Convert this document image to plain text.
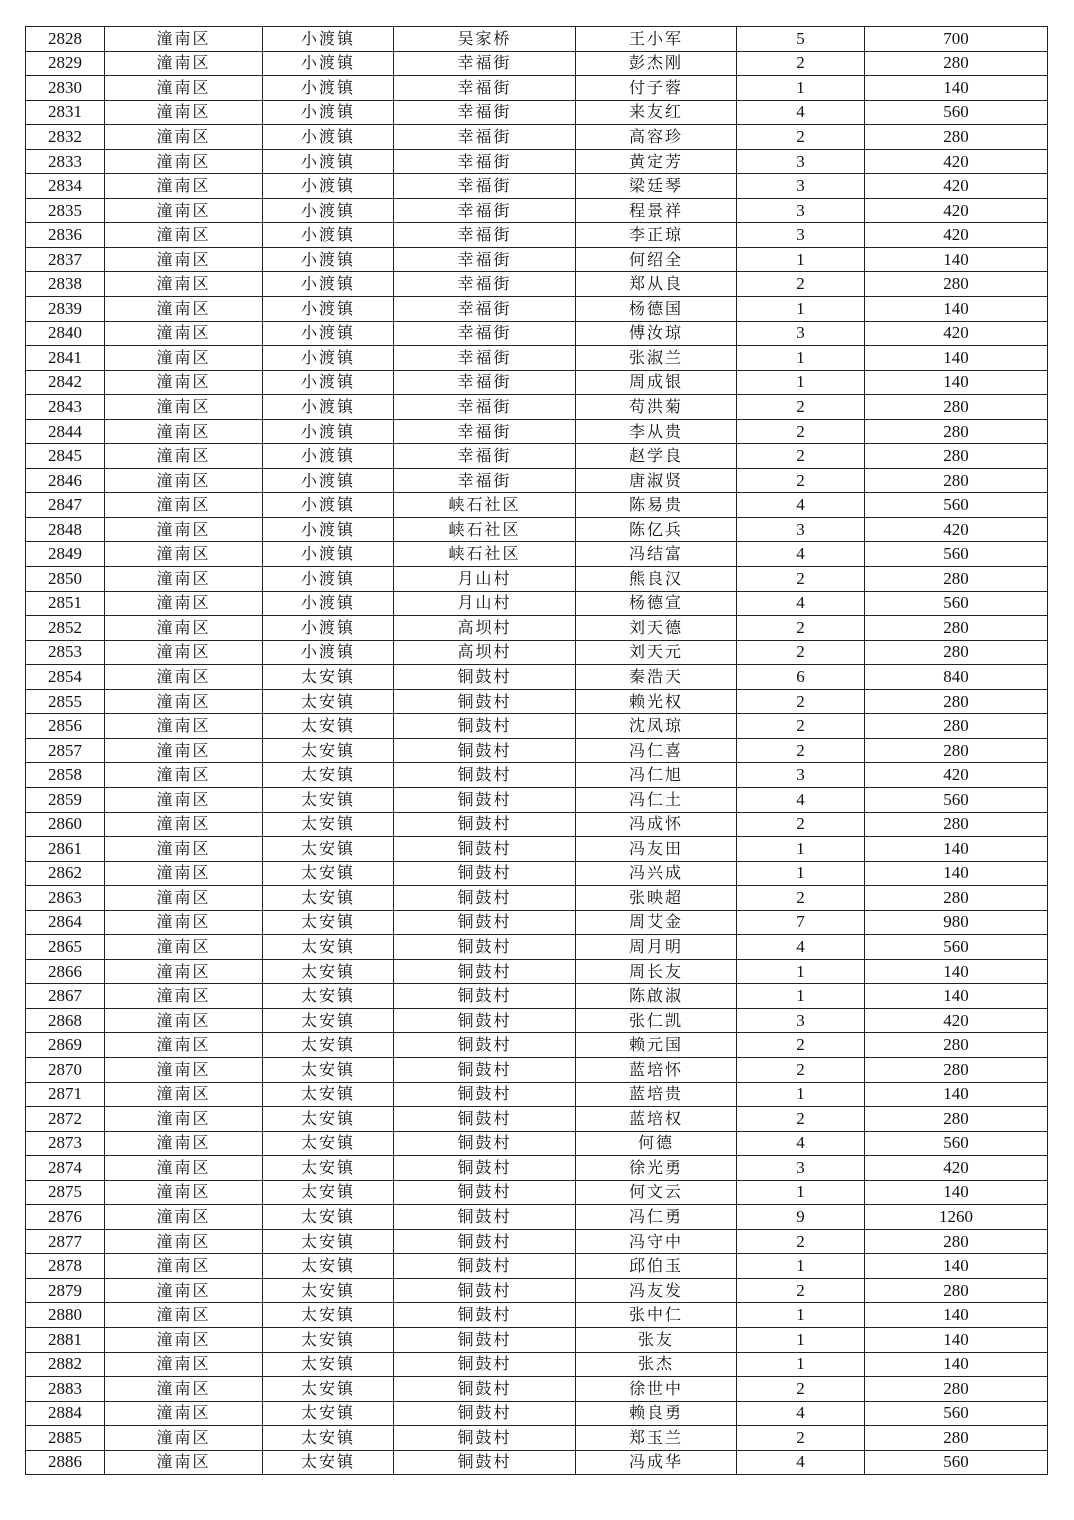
2828	潼南区	小渡镇	吴家桥	王小军	5	700
2829	潼南区	小渡镇	幸福街	彭杰刚	2	280
2830	潼南区	小渡镇	幸福街	付子蓉	1	140
2831	潼南区	小渡镇	幸福街	来友红	4	560
2832	潼南区	小渡镇	幸福街	高容珍	2	280
2833	潼南区	小渡镇	幸福街	黄定芳	3	420
2834	潼南区	小渡镇	幸福街	梁廷琴	3	420
2835	潼南区	小渡镇	幸福街	程景祥	3	420
2836	潼南区	小渡镇	幸福街	李正琼	3	420
2837	潼南区	小渡镇	幸福街	何绍全	1	140
2838	潼南区	小渡镇	幸福街	郑从良	2	280
2839	潼南区	小渡镇	幸福街	杨德国	1	140
2840	潼南区	小渡镇	幸福街	傅汝琼	3	420
2841	潼南区	小渡镇	幸福街	张淑兰	1	140
2842	潼南区	小渡镇	幸福街	周成银	1	140
2843	潼南区	小渡镇	幸福街	苟洪菊	2	280
2844	潼南区	小渡镇	幸福街	李从贵	2	280
2845	潼南区	小渡镇	幸福街	赵学良	2	280
2846	潼南区	小渡镇	幸福街	唐淑贤	2	280
2847	潼南区	小渡镇	峡石社区	陈易贵	4	560
2848	潼南区	小渡镇	峡石社区	陈亿兵	3	420
2849	潼南区	小渡镇	峡石社区	冯结富	4	560
2850	潼南区	小渡镇	月山村	熊良汉	2	280
2851	潼南区	小渡镇	月山村	杨德宣	4	560
2852	潼南区	小渡镇	高坝村	刘天德	2	280
2853	潼南区	小渡镇	高坝村	刘天元	2	280
2854	潼南区	太安镇	铜鼓村	秦浩天	6	840
2855	潼南区	太安镇	铜鼓村	赖光权	2	280
2856	潼南区	太安镇	铜鼓村	沈凤琼	2	280
2857	潼南区	太安镇	铜鼓村	冯仁喜	2	280
2858	潼南区	太安镇	铜鼓村	冯仁旭	3	420
2859	潼南区	太安镇	铜鼓村	冯仁土	4	560
2860	潼南区	太安镇	铜鼓村	冯成怀	2	280
2861	潼南区	太安镇	铜鼓村	冯友田	1	140
2862	潼南区	太安镇	铜鼓村	冯兴成	1	140
2863	潼南区	太安镇	铜鼓村	张映超	2	280
2864	潼南区	太安镇	铜鼓村	周艾金	7	980
2865	潼南区	太安镇	铜鼓村	周月明	4	560
2866	潼南区	太安镇	铜鼓村	周长友	1	140
2867	潼南区	太安镇	铜鼓村	陈啟淑	1	140
2868	潼南区	太安镇	铜鼓村	张仁凯	3	420
2869	潼南区	太安镇	铜鼓村	赖元国	2	280
2870	潼南区	太安镇	铜鼓村	蓝培怀	2	280
2871	潼南区	太安镇	铜鼓村	蓝培贵	1	140
2872	潼南区	太安镇	铜鼓村	蓝培权	2	280
2873	潼南区	太安镇	铜鼓村	何德	4	560
2874	潼南区	太安镇	铜鼓村	徐光勇	3	420
2875	潼南区	太安镇	铜鼓村	何文云	1	140
2876	潼南区	太安镇	铜鼓村	冯仁勇	9	1260
2877	潼南区	太安镇	铜鼓村	冯守中	2	280
2878	潼南区	太安镇	铜鼓村	邱伯玉	1	140
2879	潼南区	太安镇	铜鼓村	冯友发	2	280
2880	潼南区	太安镇	铜鼓村	张中仁	1	140
2881	潼南区	太安镇	铜鼓村	张友	1	140
2882	潼南区	太安镇	铜鼓村	张杰	1	140
2883	潼南区	太安镇	铜鼓村	徐世中	2	280
2884	潼南区	太安镇	铜鼓村	赖良勇	4	560
2885	潼南区	太安镇	铜鼓村	郑玉兰	2	280
2886	潼南区	太安镇	铜鼓村	冯成华	4	560
